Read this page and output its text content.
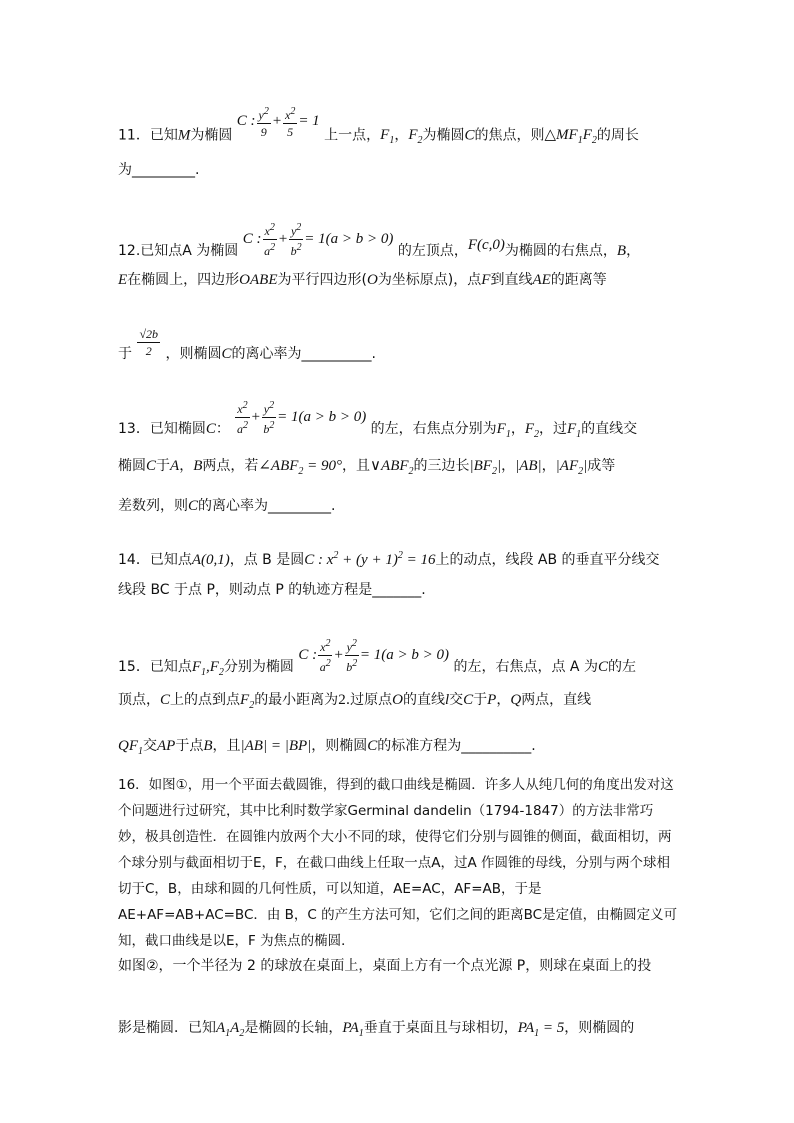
11．已知M为椭圆 C : $\frac{y^2}{9} + \frac{x^2}{5} = 1$ 上一点，$F_1$，$F_2$为椭圆C的焦点，则$\triangle MF_1F_2$的周长
为_________.
12.已知点A 为椭圆 C : $\frac{x^2}{a^2} + \frac{y^2}{b^2} = 1(a > b > 0)$ 的左顶点，F(c,0)为椭圆的右焦点，B，
E在椭圆上，四边形OABE为平行四边形(O为坐标原点)，点F到直线AE的距离等
于 $\frac{√2b}{2}$ ，则椭圆C的离心率为__________.
13．已知椭圆C： $\frac{x^2}{a^2} + \frac{y^2}{b^2} = 1(a > b > 0)$ 的左，右焦点分别为$F_1$，$F_2$，过$F_1$的直线交
椭圆C于A，B两点，若$\angle ABF_2 = 90^\circ$，且$\vee ABF_2$的三边长$|BF_2|$，|AB|，$|AF_2|$成等
差数列，则C的离心率为_________.
14．已知点A(0,1)，点 B 是圆C : $x^2 + (y + 1)^2 = 16$上的动点，线段 AB 的垂直平分线交
线段 BC 于点 P，则动点 P 的轨迹方程是_______.
15．已知点$F_1,F_2$分别为椭圆 C : $\frac{x^2}{a^2} + \frac{y^2}{b^2} = 1(a > b > 0)$ 的左，右焦点，点 A 为C的左
顶点，C上的点到点$F_2$的最小距离为2.过原点O的直线l交C于P，Q两点，直线
$QF_1$交AP于点B，且|AB| = |BP|，则椭圆C的标准方程为__________.
16．如图①，用一个平面去截圆锥，得到的截口曲线是椭圆．许多人从纯几何的角度出发对这个问题进行过研究，其中比利时数学家Germinal dandelin（1794-1847）的方法非常巧妙，极具创造性．在圆锥内放两个大小不同的球，使得它们分别与圆锥的侧面，截面相切，两个球分别与截面相切于E，F，在截口曲线上任取一点A，过A 作圆锥的母线，分别与两个球相切于C，B，由球和圆的几何性质，可以知道，AE=AC，AF=AB，于是AE+AF=AB+AC=BC．由 B，C 的产生方法可知，它们之间的距离BC是定值，由椭圆定义可知，截口曲线是以E，F 为焦点的椭圆．
如图②，一个半径为 2 的球放在桌面上，桌面上方有一个点光源 P，则球在桌面上的投
影是椭圆．已知$A_1A_2$是椭圆的长轴，$PA_1$垂直于桌面且与球相切，$PA_1 = 5$，则椭圆的
